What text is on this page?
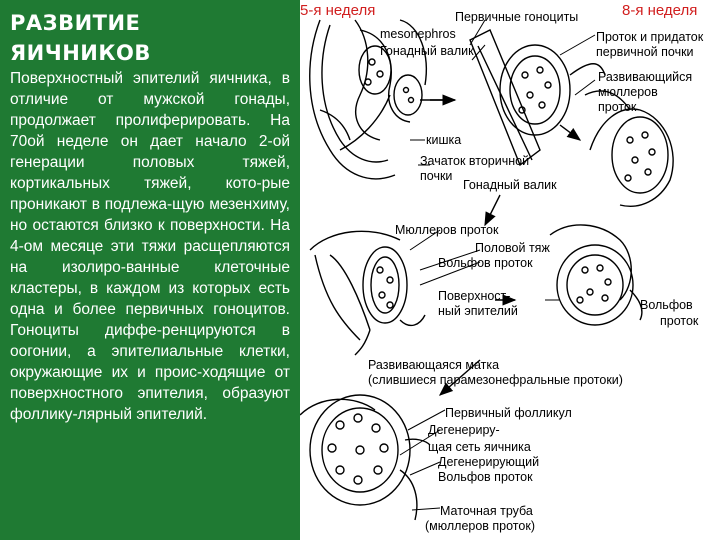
РАЗВИТИЕ
ЯИЧНИКОВ

Поверхностный эпителий яичника, в отличие от мужской гонады, продолжает пролиферировать. На 70ой неделе он дает начало 2-ой генерации половых тяжей, кортикальных тяжей, кото-рые проникают в подлежа-щую мезенхиму, но остаются близко к поверхности. На 4-ом месяце эти тяжи расщепляются на изолиро-ванные клеточные кластеры, в каждом из которых есть одна и более первичных гоноцитов. Гоноциты диффе-ренцируются в оогонии, а эпителиальные клетки, окружающие их и проис-ходящие от поверхностного эпителия, образуют фоллику-лярный эпителий.

5-я неделя	Первичные гоноциты	8-я неделя
mesonephros
Гонадный валик
Проток и придаток
первичной почки
Развивающийся
мюллеров
проток
кишка
Зачаток вторичной
почки
Гонадный валик
Мюллеров проток
Половой тяж
Вольфов проток
Поверхност-
ный эпителий	Вольфов
проток
Развивающаяся матка
(слившиеся парамезонефральные протоки)
Первичный фолликул
Дегенериру-
щая сеть яичника
Дегенерирующий
Вольфов проток
Маточная труба
(мюллеров проток)
